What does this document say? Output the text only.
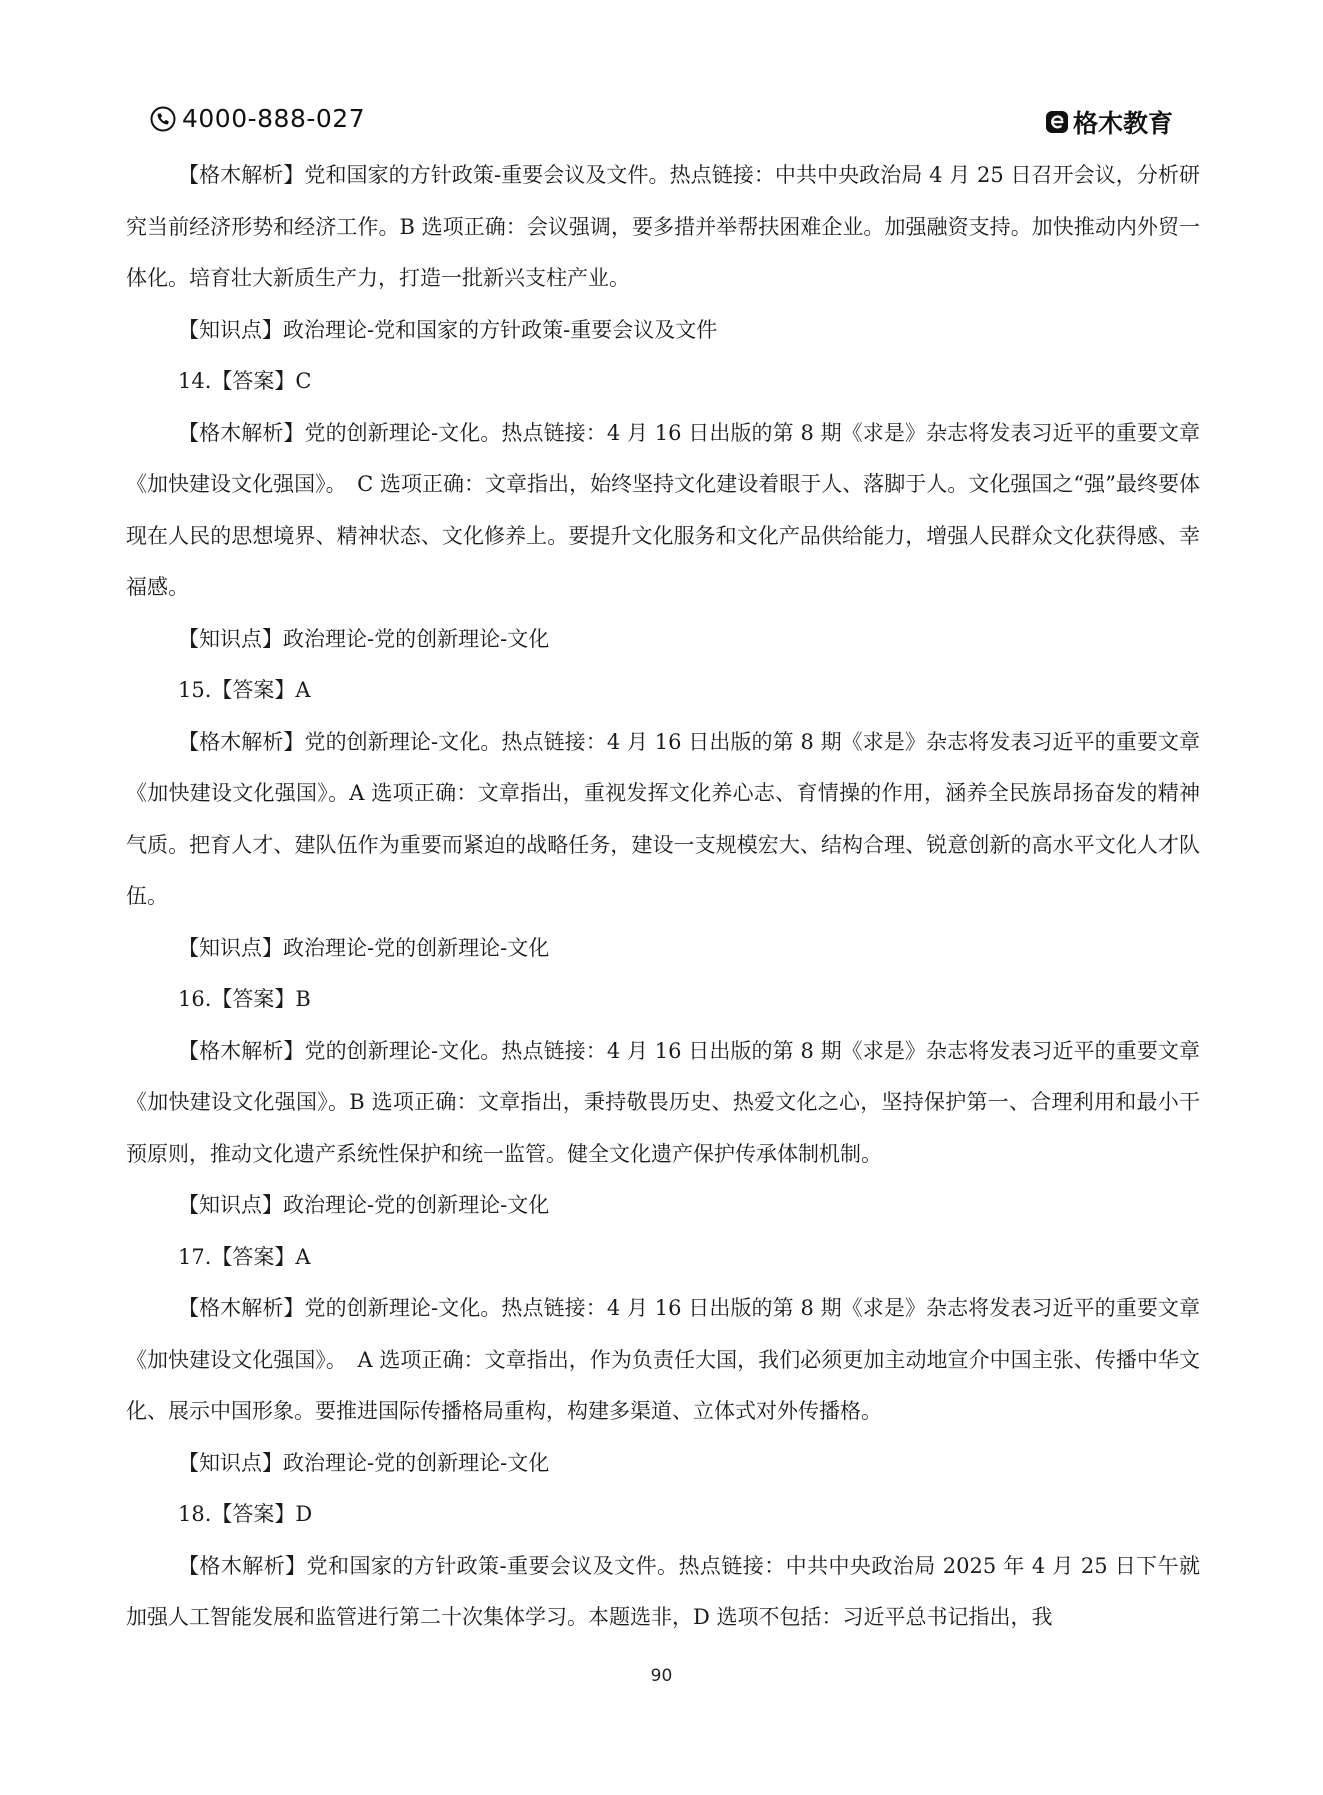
4000-888-027	格木教育

【格木解析】党和国家的方针政策-重要会议及文件。热点链接：中共中央政治局 4 月 25 日召开会议，分析研究当前经济形势和经济工作。B 选项正确：会议强调，要多措并举帮扶困难企业。加强融资支持。加快推动内外贸一体化。培育壮大新质生产力，打造一批新兴支柱产业。

【知识点】政治理论-党和国家的方针政策-重要会议及文件

14.【答案】C

【格木解析】党的创新理论-文化。热点链接：4 月 16 日出版的第 8 期《求是》杂志将发表习近平的重要文章《加快建设文化强国》。　C 选项正确：文章指出，始终坚持文化建设着眼于人、落脚于人。文化强国之“强”最终要体现在人民的思想境界、精神状态、文化修养上。要提升文化服务和文化产品供给能力，增强人民群众文化获得感、幸福感。

【知识点】政治理论-党的创新理论-文化

15.【答案】A

【格木解析】党的创新理论-文化。热点链接：4 月 16 日出版的第 8 期《求是》杂志将发表习近平的重要文章《加快建设文化强国》。A 选项正确：文章指出，重视发挥文化养心志、育情操的作用，涵养全民族昂扬奋发的精神气质。把育人才、建队伍作为重要而紧迫的战略任务，建设一支规模宏大、结构合理、锐意创新的高水平文化人才队伍。

【知识点】政治理论-党的创新理论-文化

16.【答案】B

【格木解析】党的创新理论-文化。热点链接：4 月 16 日出版的第 8 期《求是》杂志将发表习近平的重要文章《加快建设文化强国》。B 选项正确：文章指出，秉持敬畏历史、热爱文化之心，坚持保护第一、合理利用和最小干预原则，推动文化遗产系统性保护和统一监管。健全文化遗产保护传承体制机制。

【知识点】政治理论-党的创新理论-文化

17.【答案】A

【格木解析】党的创新理论-文化。热点链接：4 月 16 日出版的第 8 期《求是》杂志将发表习近平的重要文章《加快建设文化强国》。　A 选项正确：文章指出，作为负责任大国，我们必须更加主动地宣介中国主张、传播中华文化、展示中国形象。要推进国际传播格局重构，构建多渠道、立体式对外传播格。

【知识点】政治理论-党的创新理论-文化

18.【答案】D

【格木解析】党和国家的方针政策-重要会议及文件。热点链接：中共中央政治局 2025 年 4 月 25 日下午就加强人工智能发展和监管进行第二十次集体学习。本题选非，D 选项不包括：习近平总书记指出，我

90
